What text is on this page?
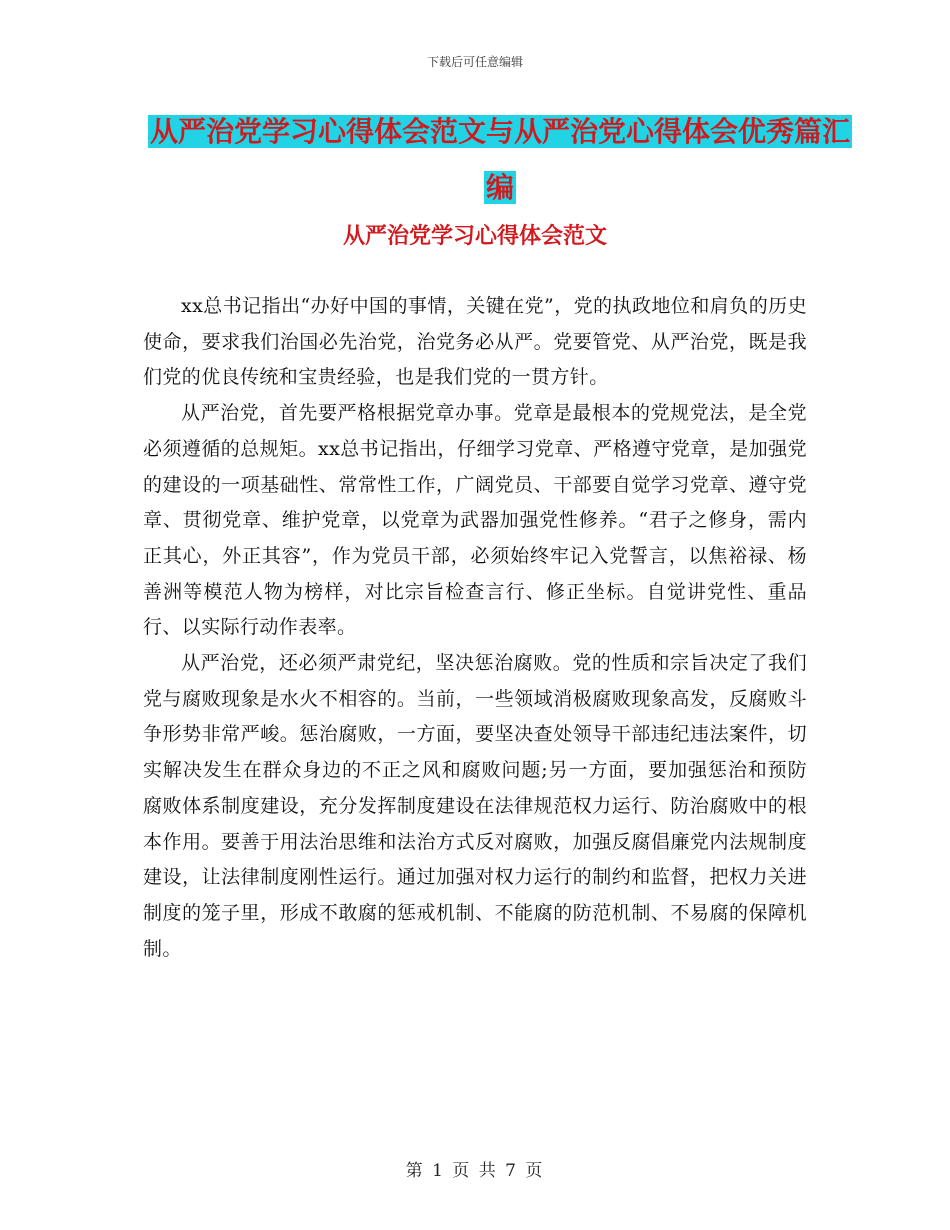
下载后可任意编辑
从严治党学习心得体会范文与从严治党心得体会优秀篇汇编
从严治党学习心得体会范文

xx总书记指出“办好中国的事情，关键在党”，党的执政地位和肩负的历史使命，要求我们治国必先治党，治党务必从严。党要管党、从严治党，既是我们党的优良传统和宝贵经验，也是我们党的一贯方针。

从严治党，首先要严格根据党章办事。党章是最根本的党规党法，是全党必须遵循的总规矩。xx总书记指出，仔细学习党章、严格遵守党章，是加强党的建设的一项基础性、常常性工作，广阔党员、干部要自觉学习党章、遵守党章、贯彻党章、维护党章，以党章为武器加强党性修养。“君子之修身，需内正其心，外正其容”，作为党员干部，必须始终牢记入党誓言，以焦裕禄、杨善洲等模范人物为榜样，对比宗旨检查言行、修正坐标。自觉讲党性、重品行、以实际行动作表率。

从严治党，还必须严肃党纪，坚决惩治腐败。党的性质和宗旨决定了我们党与腐败现象是水火不相容的。当前，一些领域消极腐败现象高发，反腐败斗争形势非常严峻。惩治腐败，一方面，要坚决查处领导干部违纪违法案件，切实解决发生在群众身边的不正之风和腐败问题;另一方面，要加强惩治和预防腐败体系制度建设，充分发挥制度建设在法律规范权力运行、防治腐败中的根本作用。要善于用法治思维和法治方式反对腐败，加强反腐倡廉党内法规制度建设，让法律制度刚性运行。通过加强对权力运行的制约和监督，把权力关进制度的笼子里，形成不敢腐的惩戒机制、不能腐的防范机制、不易腐的保障机制。

第 1 页 共 7 页
